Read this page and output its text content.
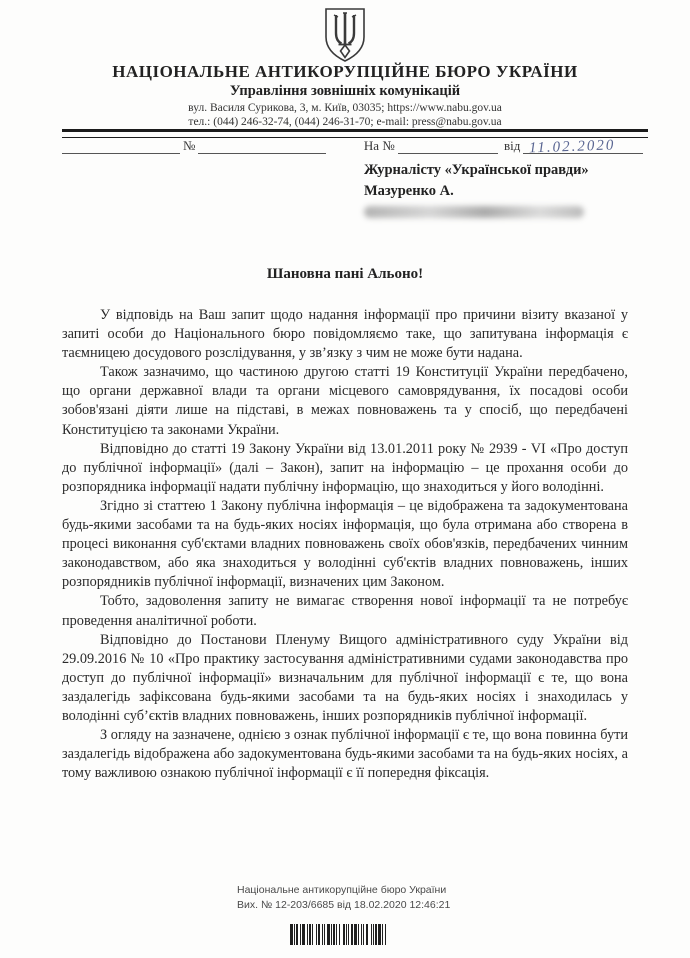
НАЦІОНАЛЬНЕ АНТИКОРУПЦІЙНЕ БЮРО УКРАЇНИ
Управління зовнішніх комунікацій
вул. Василя Сурикова, 3, м. Київ, 03035; https://www.nabu.gov.ua
тел.: (044) 246-32-74, (044) 246-31-70; e-mail: press@nabu.gov.ua
№	На №	від 11.02.2020
Журналісту «Української правди»
Мазуренко А.
Шановна пані Альоно!

У відповідь на Ваш запит щодо надання інформації про причини візиту вказаної у запиті особи до Національного бюро повідомляємо таке, що запитувана інформація є таємницею досудового розслідування, у зв’язку з чим не може бути надана.

Також зазначимо, що частиною другою статті 19 Конституції України передбачено, що органи державної влади та органи місцевого самоврядування, їх посадові особи зобов'язані діяти лише на підставі, в межах повноважень та у спосіб, що передбачені Конституцією та законами України.

Відповідно до статті 19 Закону України від 13.01.2011 року № 2939 - VI «Про доступ до публічної інформації» (далі – Закон), запит на інформацію – це прохання особи до розпорядника інформації надати публічну інформацію, що знаходиться у його володінні.

Згідно зі статтею 1 Закону публічна інформація – це відображена та задокументована будь-якими засобами та на будь-яких носіях інформація, що була отримана або створена в процесі виконання суб'єктами владних повноважень своїх обов'язків, передбачених чинним законодавством, або яка знаходиться у володінні суб'єктів владних повноважень, інших розпорядників публічної інформації, визначених цим Законом.

Тобто, задоволення запиту не вимагає створення нової інформації та не потребує проведення аналітичної роботи.

Відповідно до Постанови Пленуму Вищого адміністративного суду України від 29.09.2016 № 10 «Про практику застосування адміністративними судами законодавства про доступ до публічної інформації» визначальним для публічної інформації є те, що вона заздалегідь зафіксована будь-якими засобами та на будь-яких носіях і знаходилась у володінні суб’єктів владних повноважень, інших розпорядників публічної інформації.

З огляду на зазначене, однією з ознак публічної інформації є те, що вона повинна бути заздалегідь відображена або задокументована будь-якими засобами та на будь-яких носіях, а тому важливою ознакою публічної інформації є її попередня фіксація.

Національне антикорупційне бюро України
Вих. № 12-203/6685 від 18.02.2020 12:46:21
